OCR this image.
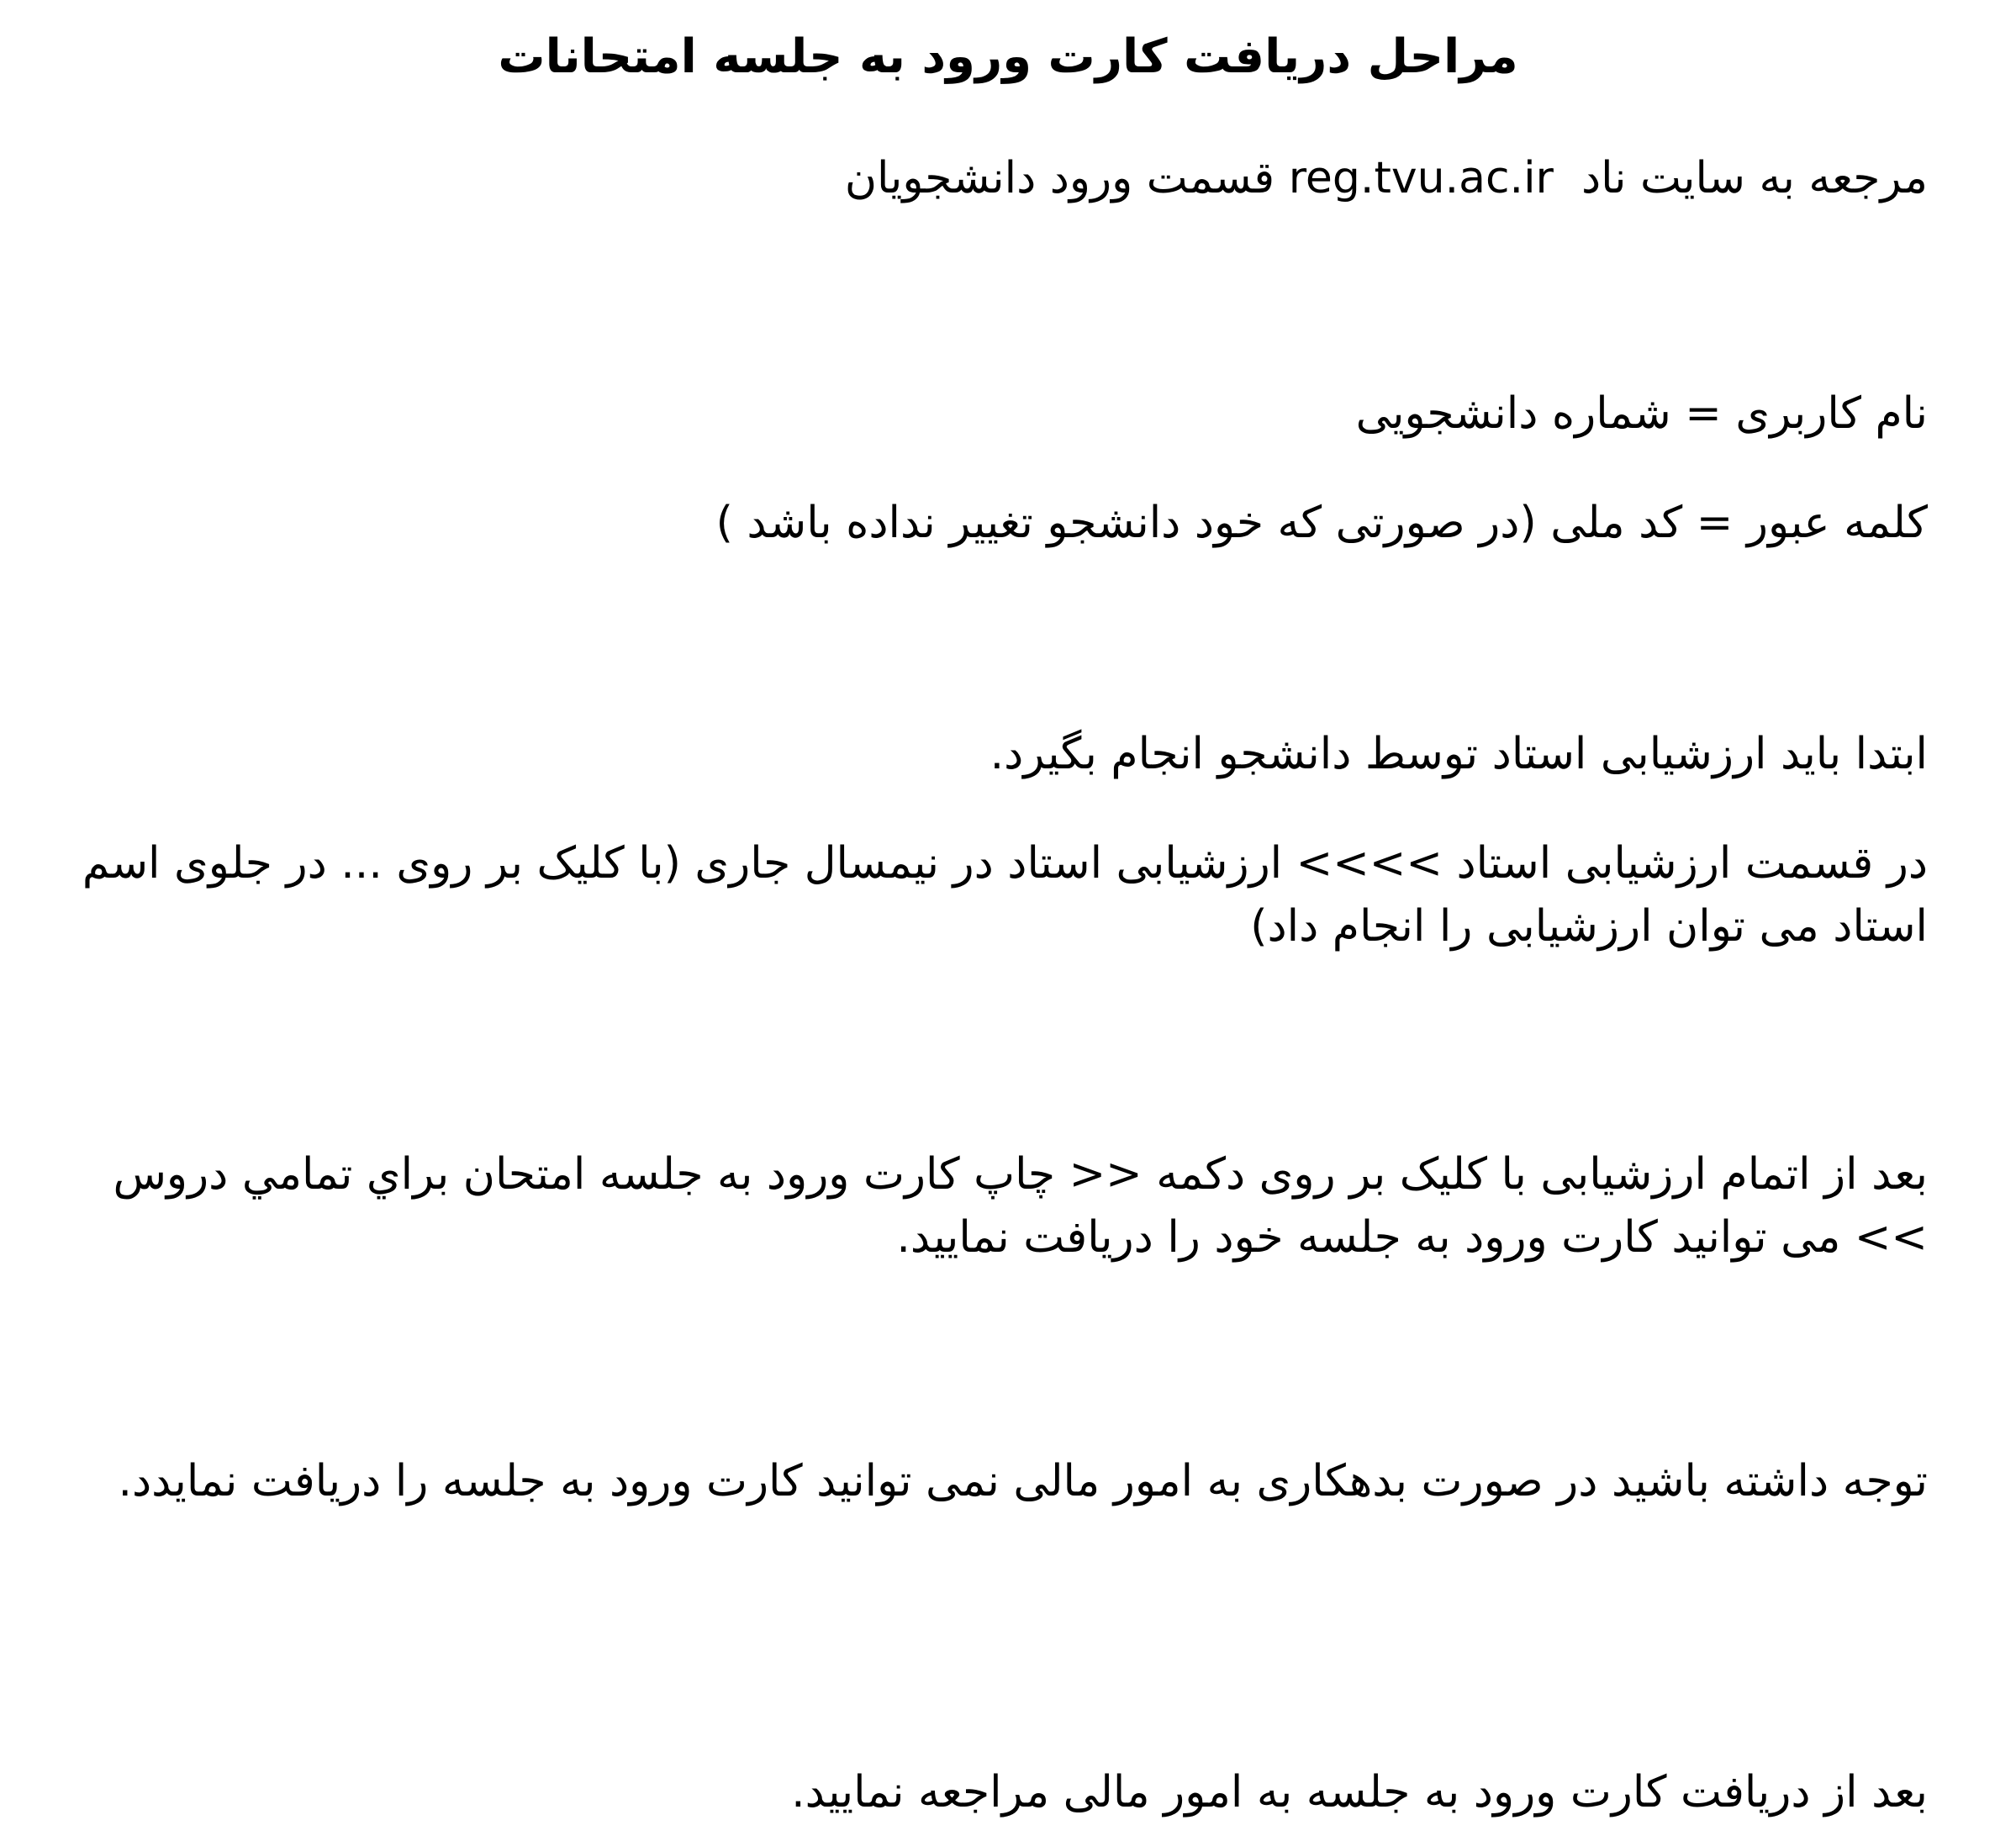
مراحل دریافت کارت ورود به جلسه امتحانات

مرجعه به سایت ناد  reg.tvu.ac.ir قسمت ورود دانشجویان

نام کاربری = شماره دانشجویی

کلمه عبور = کد ملی (در صورتی که خود دانشجو تغییر نداده باشد )

ابتدا باید ارزشیابی استاد توسط دانشجو انجام بگیرد.

در قسمت ارزشیابی استاد >>>> ارزشیابی استاد در نیمسال جاری (با کلیک بر روی ... در جلوی اسم استاد می توان ارزشیابی را انجام داد)

بعد از اتمام ارزشیابی با کلیک بر روی دکمه << چاپ کارت ورود به جلسه امتحان براي تمامي دروس >> می توانید کارت ورود به جلسه خود را دریافت نمایید.

توجه داشته باشید در صورت بدهکاری به امور مالی نمی توانید کارت ورود به جلسه را دریافت نمایدد.

بعد از دریافت کارت ورود به جلسه به امور مالی مراجعه نمایید.
